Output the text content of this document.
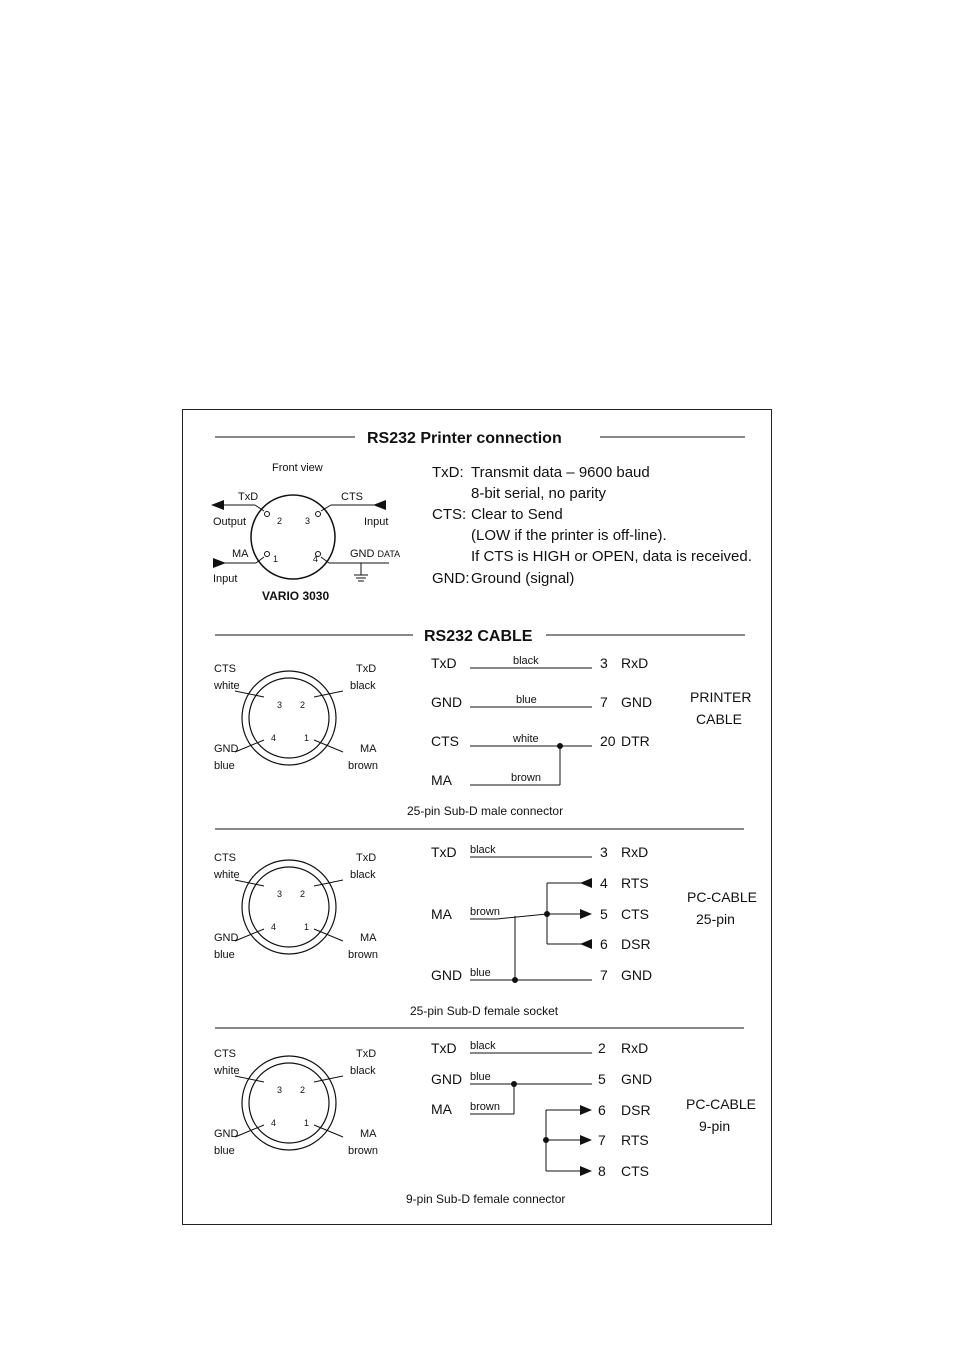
RS232 Printer connection
Front view
2	3
1	4
TxD
Output
CTS
Input
MA
Input
GND DATA
VARIO 3030
TxD: Transmit data – 9600 baud
8-bit serial, no parity
CTS: Clear to Send
(LOW if the printer is off-line).
If CTS is HIGH or OPEN, data is received.
GND: Ground (signal)
RS232 CABLE
3 2
4	1
CTS
white
TxD
black
GND
blue
MA
brown
3 2
4	1
CTS
white
TxD
black
GND
blue
MA
brown
3 2
4	1
CTS
white
TxD
black
GND
blue
MA
brown
TxD	black	3 RxD
GND	blue	7 GND
CTS	white	20 DTR
MA	brown
PRINTER
CABLE
25-pin Sub-D male connector
TxD black	3 RxD
4 RTS
5 CTS
6 DSR
MA brown
GND blue	7 GND
PC-CABLE
25-pin
25-pin Sub-D female socket
TxD black	2 RxD
GND blue	5 GND
MA brown	6 DSR
7 RTS
8 CTS
PC-CABLE
9-pin
9-pin Sub-D female connector
